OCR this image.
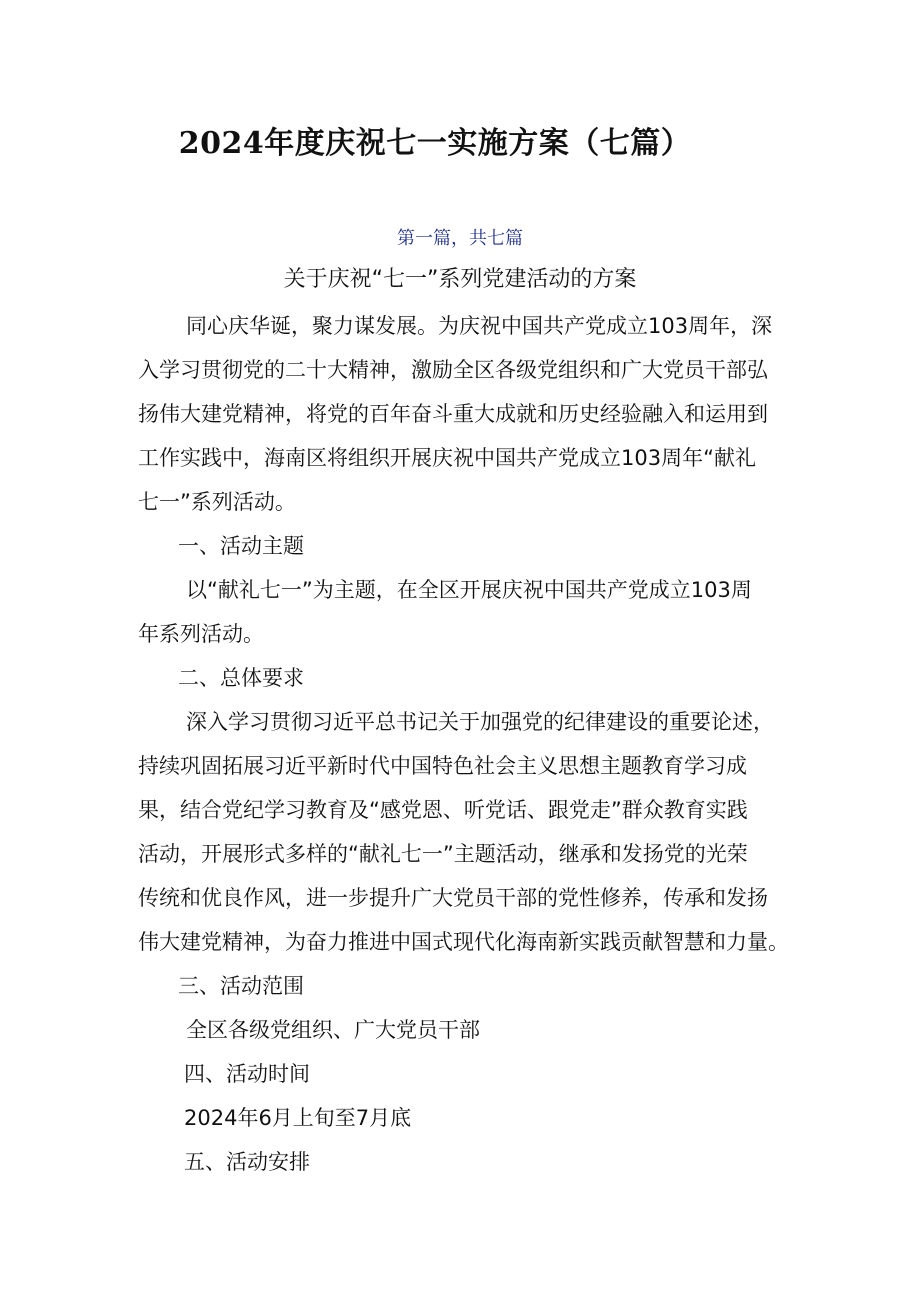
2024年度庆祝七一实施方案（七篇）
第一篇，共七篇
关于庆祝“七一”系列党建活动的方案
同心庆华诞，聚力谋发展。为庆祝中国共产党成立103周年，深
入学习贯彻党的二十大精神，激励全区各级党组织和广大党员干部弘
扬伟大建党精神，将党的百年奋斗重大成就和历史经验融入和运用到
工作实践中，海南区将组织开展庆祝中国共产党成立103周年“献礼
七一”系列活动。
一、活动主题
以“献礼七一”为主题，在全区开展庆祝中国共产党成立103周
年系列活动。
二、总体要求
深入学习贯彻习近平总书记关于加强党的纪律建设的重要论述，
持续巩固拓展习近平新时代中国特色社会主义思想主题教育学习成
果，结合党纪学习教育及“感党恩、听党话、跟党走”群众教育实践
活动，开展形式多样的“献礼七一”主题活动，继承和发扬党的光荣
传统和优良作风，进一步提升广大党员干部的党性修养，传承和发扬
伟大建党精神，为奋力推进中国式现代化海南新实践贡献智慧和力量。
三、活动范围
全区各级党组织、广大党员干部
四、活动时间
2024年6月上旬至7月底
五、活动安排
